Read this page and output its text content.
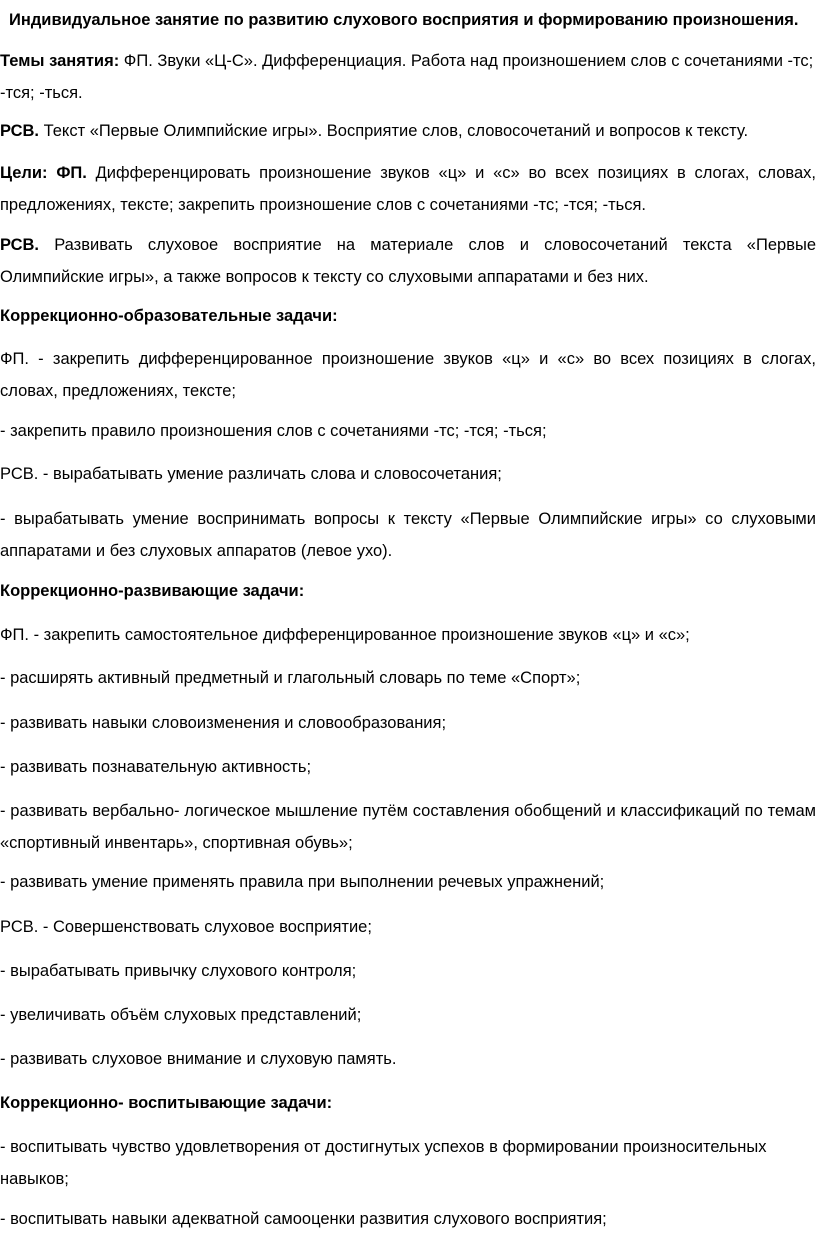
Индивидуальное занятие по развитию слухового восприятия и формированию произношения.

Темы занятия: ФП. Звуки «Ц-С». Дифференциация. Работа над произношением слов с сочетаниями -тс; -тся; -ться.

РСВ. Текст «Первые Олимпийские игры». Восприятие слов, словосочетаний и вопросов к тексту.

Цели: ФП. Дифференцировать произношение звуков «ц» и «с» во всех позициях в слогах, словах, предложениях, тексте; закрепить произношение слов с сочетаниями -тс; -тся; -ться.

РСВ. Развивать слуховое восприятие на материале слов и словосочетаний текста «Первые Олимпийские игры», а также вопросов к тексту со слуховыми аппаратами и без них.

Коррекционно-образовательные задачи:

ФП. - закрепить дифференцированное произношение звуков «ц» и «с» во всех позициях в слогах, словах, предложениях, тексте;

- закрепить правило произношения слов с сочетаниями -тс; -тся; -ться;

РСВ. - вырабатывать умение различать слова и словосочетания;

- вырабатывать умение воспринимать вопросы к тексту «Первые Олимпийские игры» со слуховыми аппаратами и без слуховых аппаратов (левое ухо).

Коррекционно-развивающие задачи:

ФП. - закрепить самостоятельное дифференцированное произношение звуков «ц» и «с»;

- расширять активный предметный и глагольный словарь по теме «Спорт»;

- развивать навыки словоизменения и словообразования;

- развивать познавательную активность;

- развивать вербально- логическое мышление путём составления обобщений и классификаций по темам «спортивный инвентарь», спортивная обувь»;

- развивать умение применять правила при выполнении речевых упражнений;

РСВ. - Совершенствовать слуховое восприятие;

- вырабатывать привычку слухового контроля;

- увеличивать объём слуховых представлений;

- развивать слуховое внимание и слуховую память.

Коррекционно- воспитывающие задачи:

- воспитывать чувство удовлетворения от достигнутых успехов в формировании произносительных навыков;

- воспитывать навыки адекватной самооценки развития слухового восприятия;
